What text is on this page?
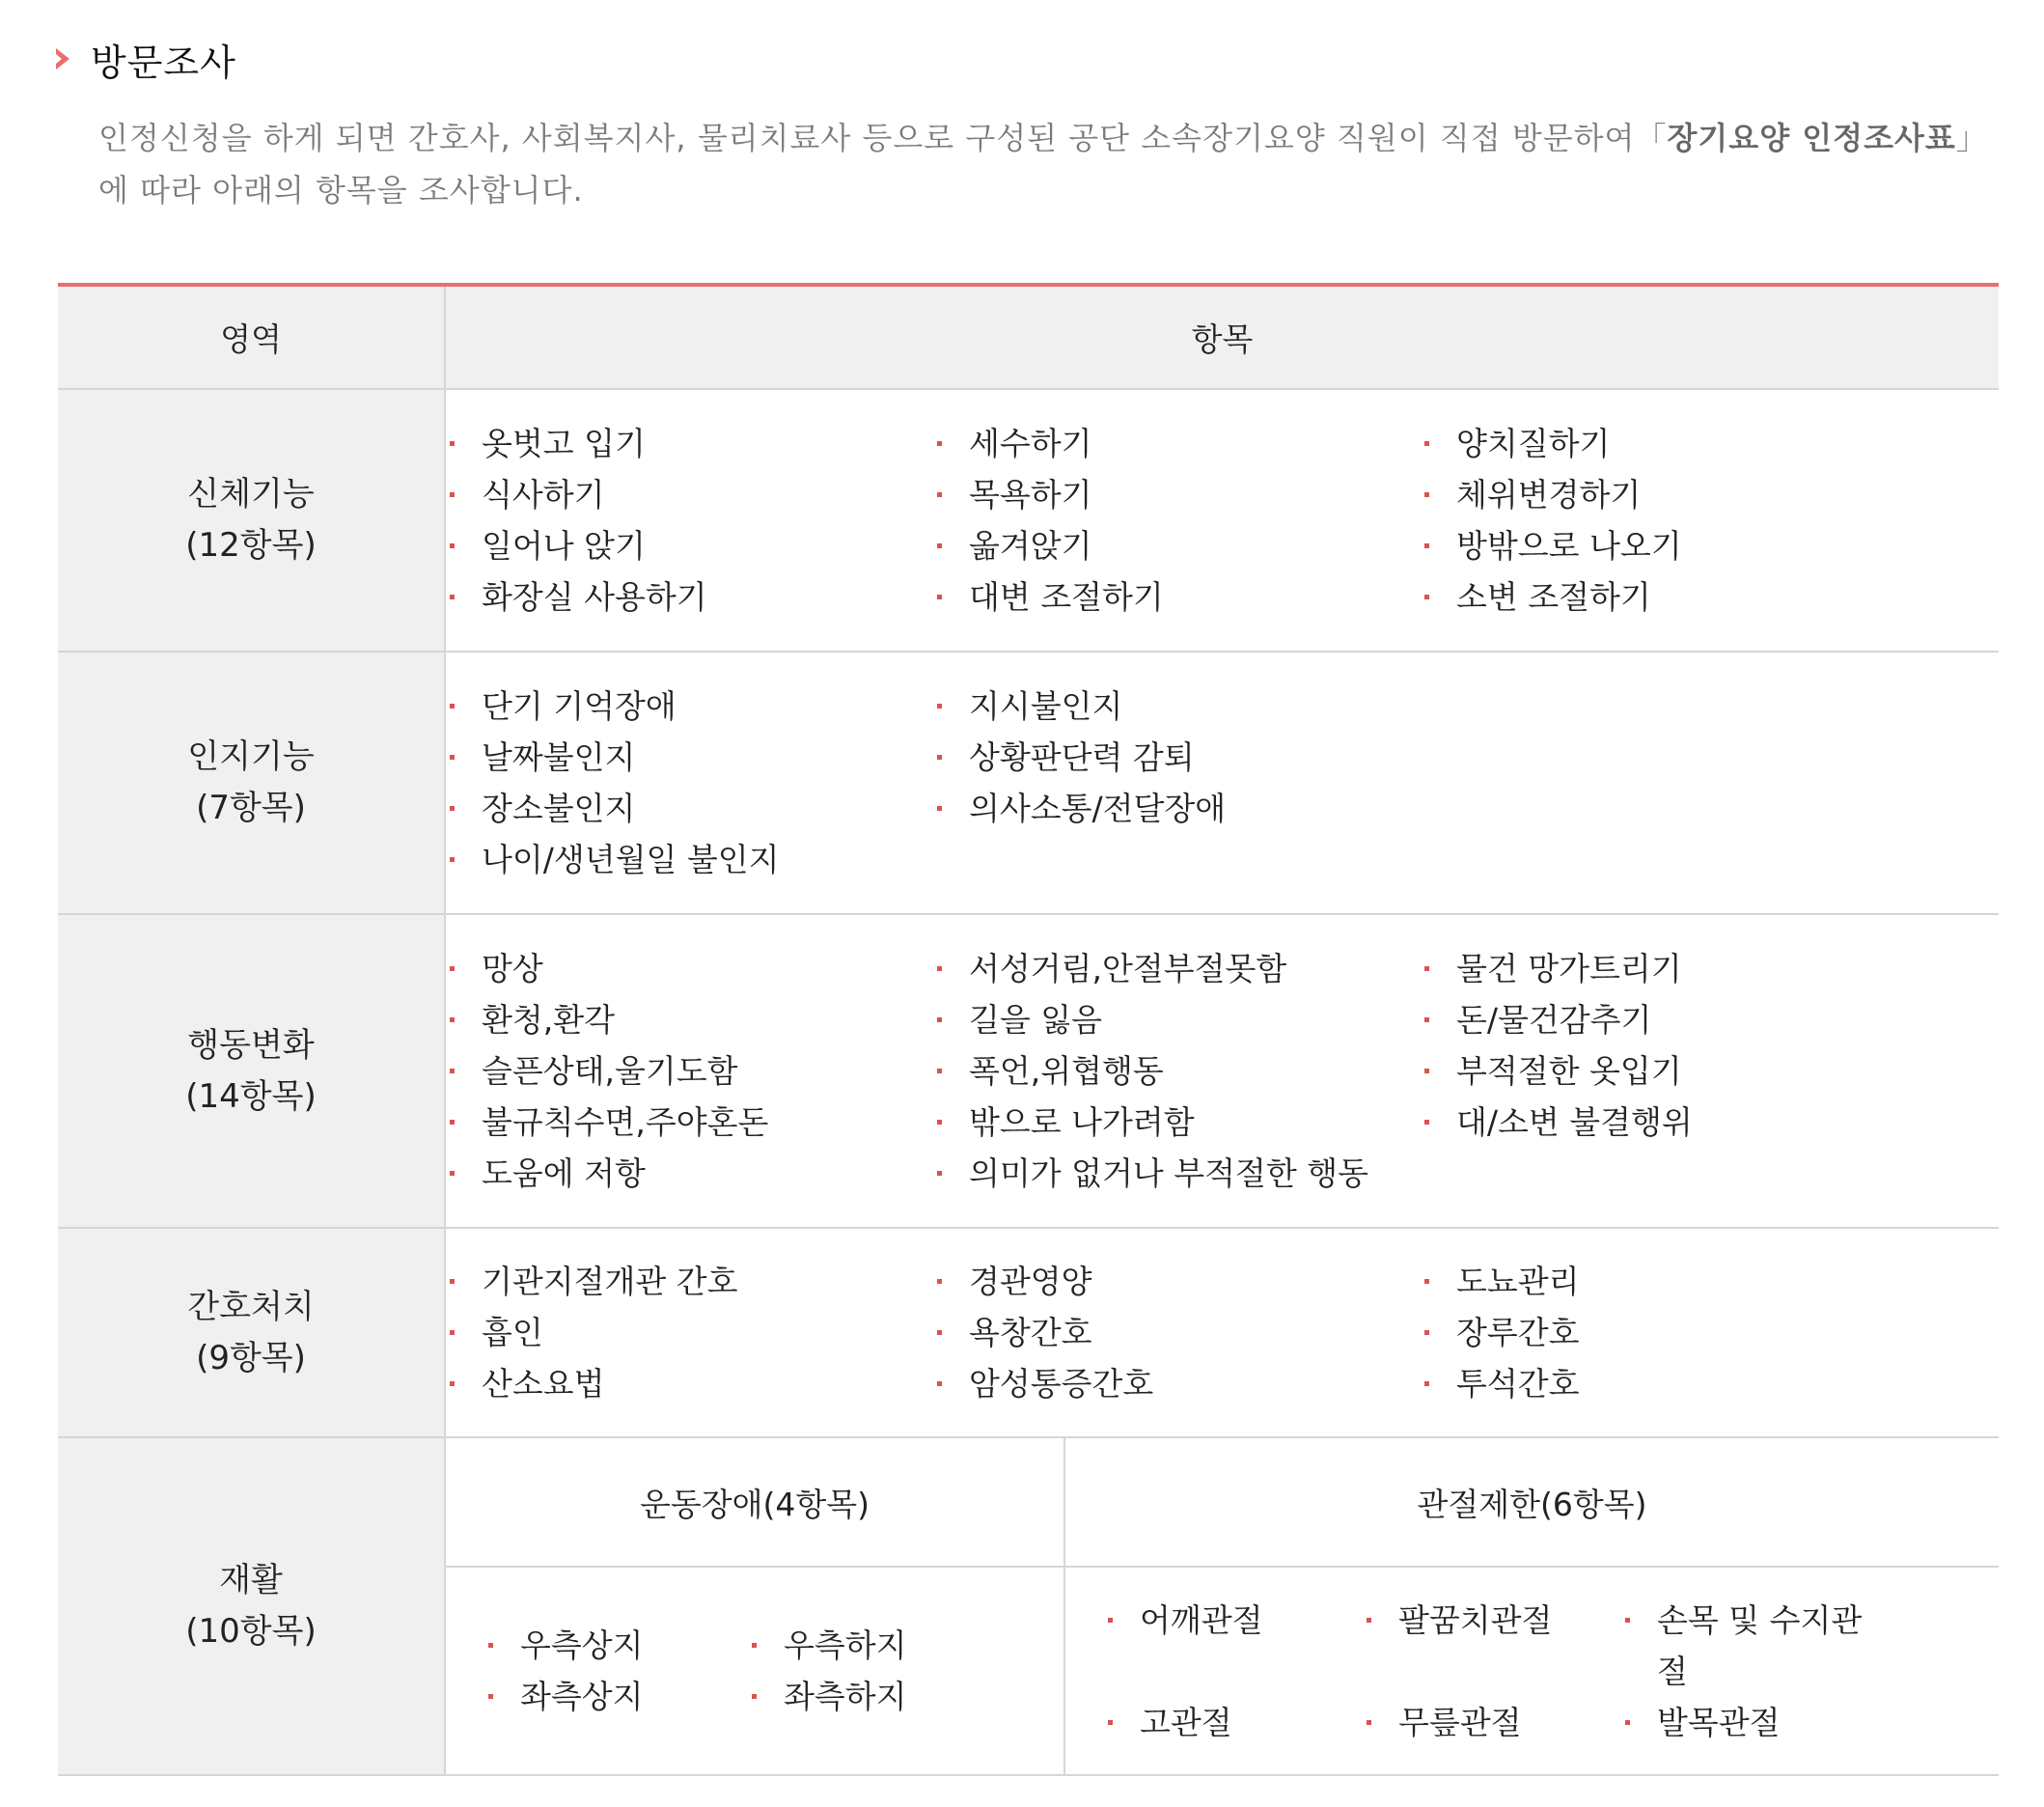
방문조사
인정신청을 하게 되면 간호사, 사회복지사, 물리치료사 등으로 구성된 공단 소속장기요양 직원이 직접 방문하여「장기요양 인정조사표」에 따라 아래의 항목을 조사합니다.
영역	항목

신체기능
(12항목)

옷벗고 입기	세수하기	양치질하기
식사하기	목욕하기	체위변경하기
일어나 앉기	옮겨앉기	방밖으로 나오기
화장실 사용하기	대변 조절하기	소변 조절하기

인지기능
(7항목)

단기 기억장애	지시불인지
날짜불인지	상황판단력 감퇴
장소불인지	의사소통/전달장애
나이/생년월일 불인지

행동변화
(14항목)

망상	서성거림,안절부절못함	물건 망가트리기
환청,환각	길을 잃음	돈/물건감추기
슬픈상태,울기도함	폭언,위협행동	부적절한 옷입기
불규칙수면,주야혼돈	밖으로 나가려함	대/소변 불결행위
도움에 저항	의미가 없거나 부적절한 행동

간호처치
(9항목)

기관지절개관 간호	경관영양	도뇨관리
흡인	욕창간호	장루간호
산소요법	암성통증간호	투석간호

재활
(10항목)

운동장애(4항목)	관절제한(6항목)

우측상지	우측하지
좌측상지	좌측하지

어깨관절	팔꿈치관절	손목 및 수지관절
고관절	무릎관절	발목관절
